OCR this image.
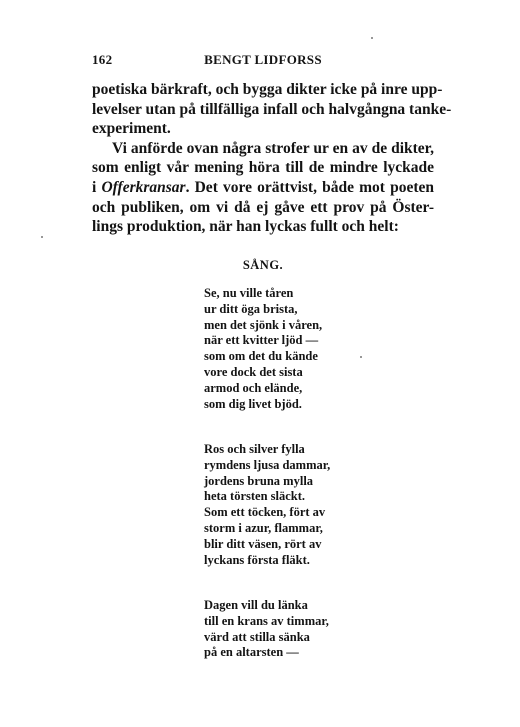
162	BENGT LIDFORSS

poetiska bärkraft, och bygga dikter icke på inre upp-
levelser utan på tillfälliga infall och halvgångna tanke-
experiment.

Vi anförde ovan några strofer ur en av de dikter,
som enligt vår mening höra till de mindre lyckade
i Offerkransar. Det vore orättvist, både mot poeten
och publiken, om vi då ej gåve ett prov på Öster-
lings produktion, när han lyckas fullt och helt:

SÅNG.
Se, nu ville tåren
ur ditt öga brista,
men det sjönk i våren,
när ett kvitter ljöd —
som om det du kände
vore dock det sista
armod och elände,
som dig livet bjöd.
Ros och silver fylla
rymdens ljusa dammar,
jordens bruna mylla
heta törsten släckt.
Som ett töcken, fört av
storm i azur, flammar,
blir ditt väsen, rört av
lyckans första fläkt.
Dagen vill du länka
till en krans av timmar,
värd att stilla sänka
på en altarsten —
